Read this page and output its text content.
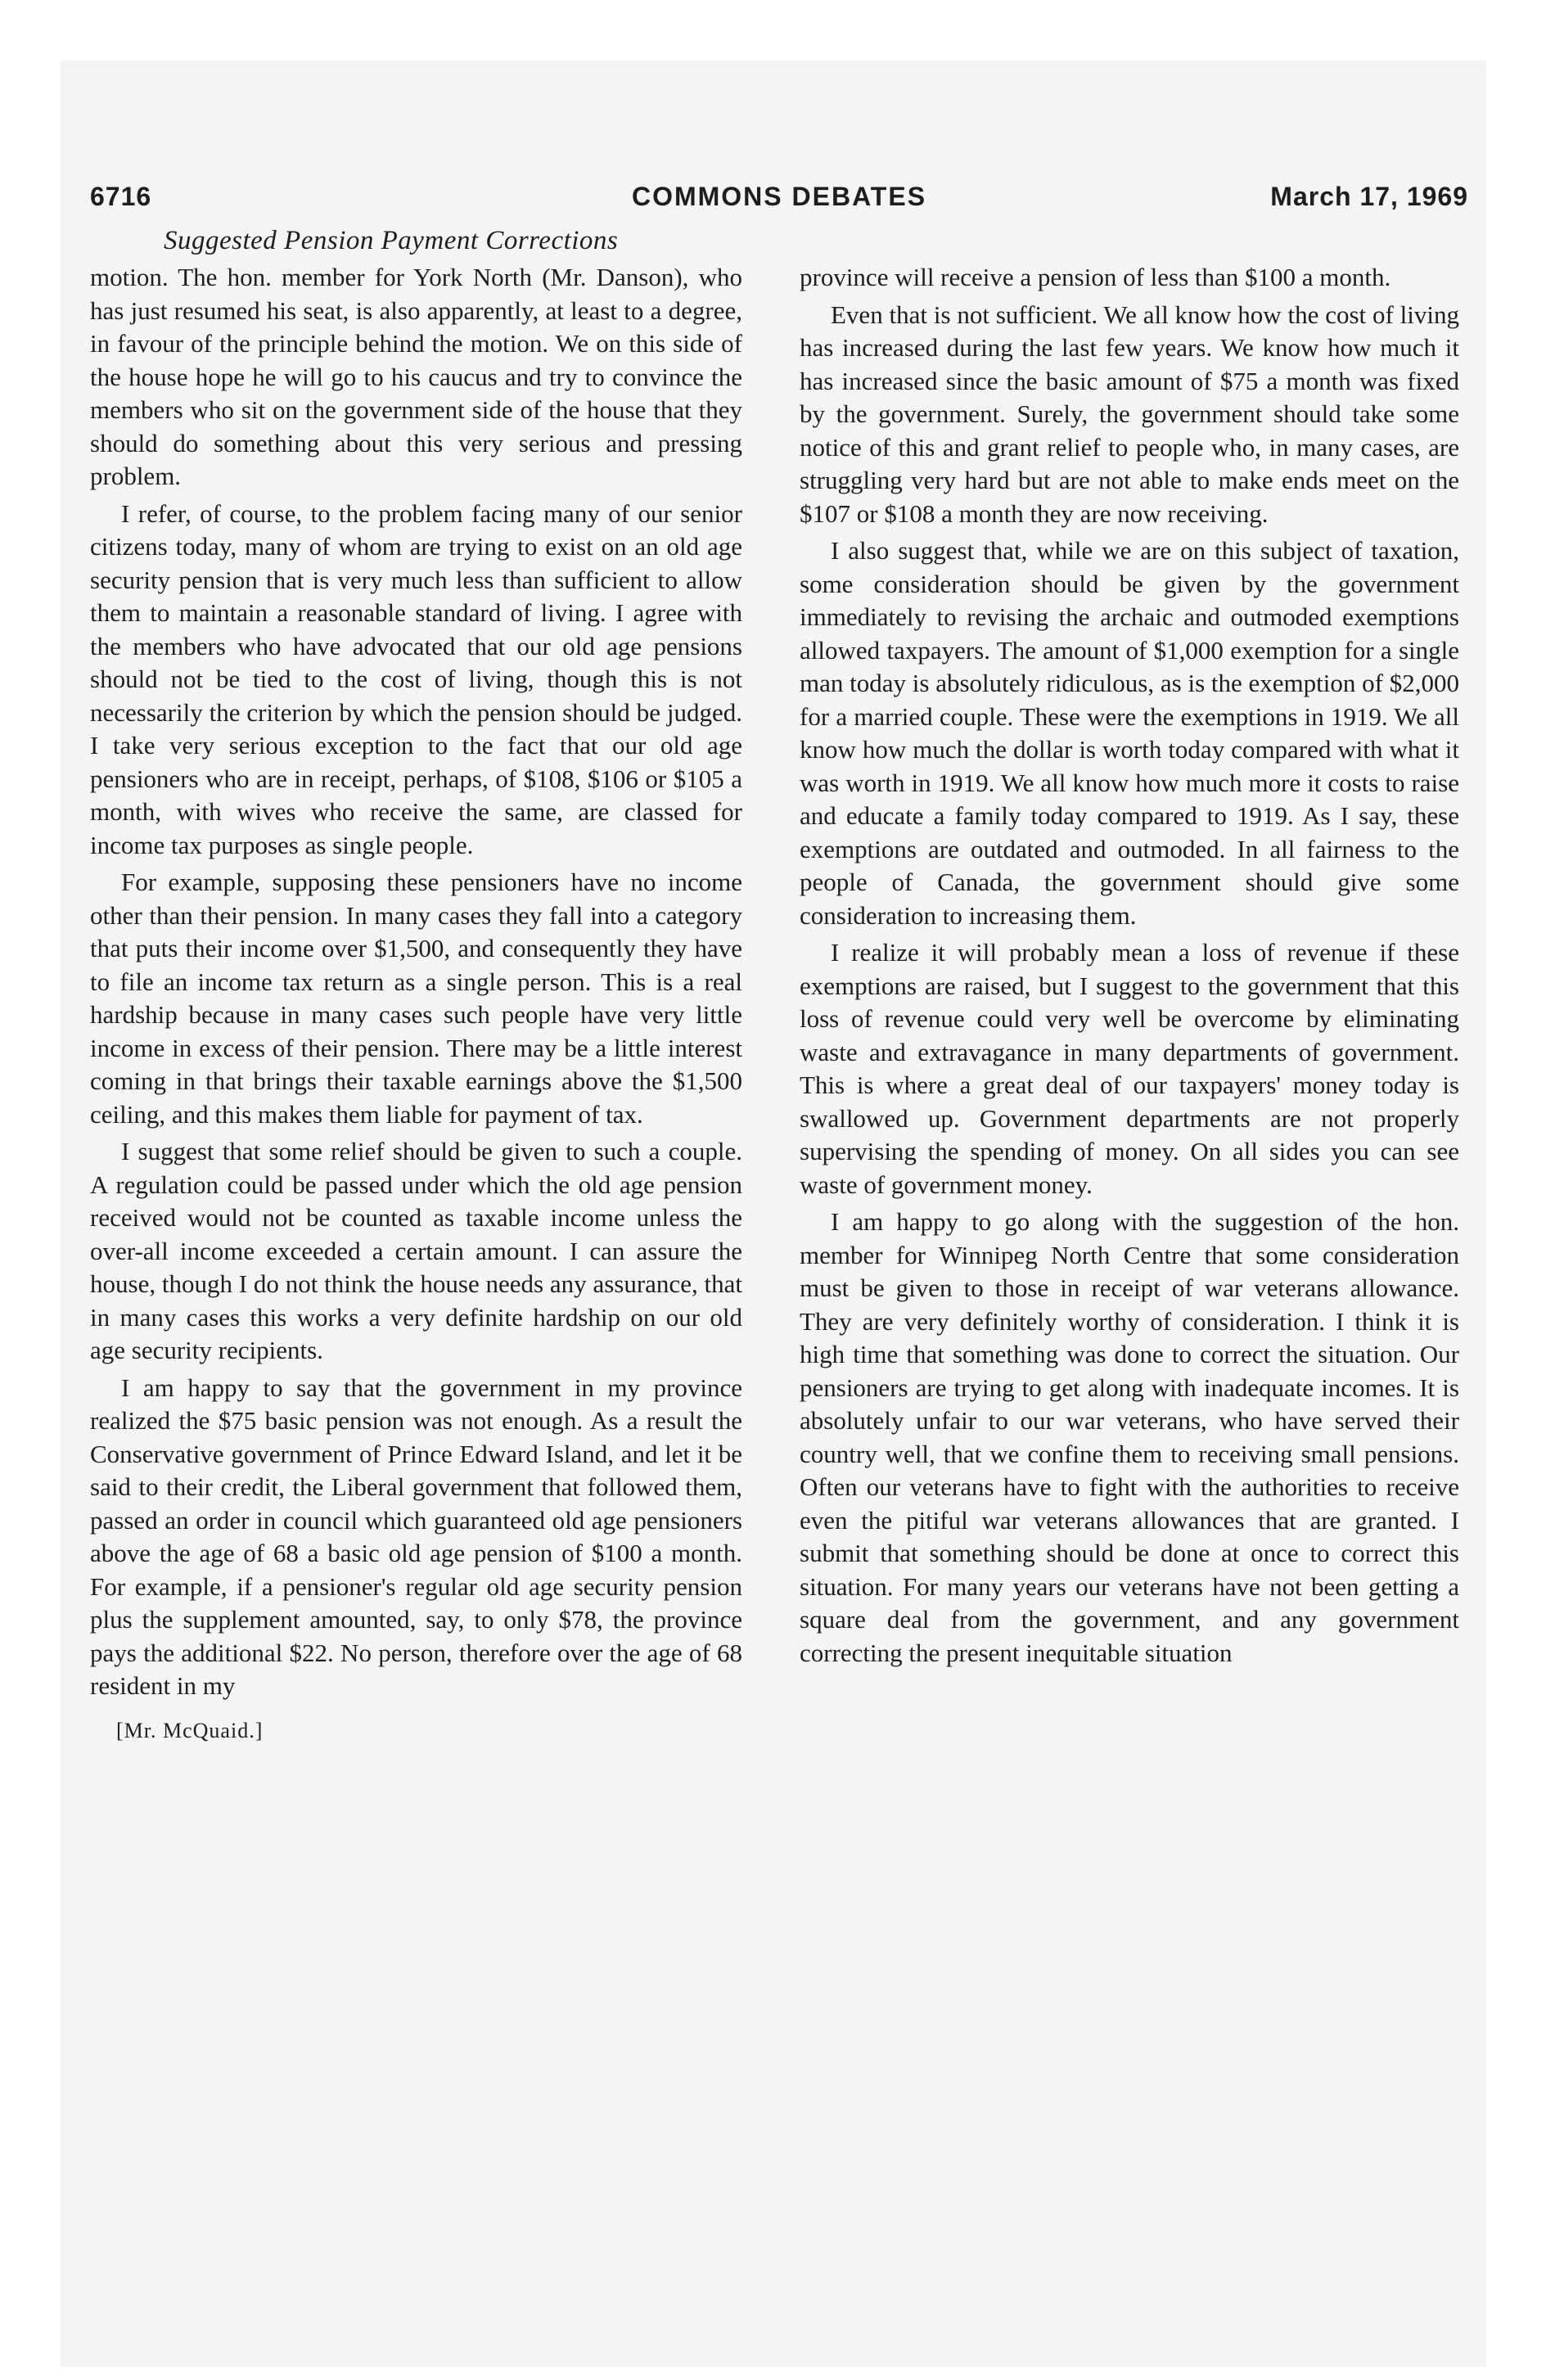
6716	COMMONS DEBATES	March 17, 1969
Suggested Pension Payment Corrections

motion. The hon. member for York North (Mr. Danson), who has just resumed his seat, is also apparently, at least to a degree, in favour of the principle behind the motion. We on this side of the house hope he will go to his caucus and try to convince the members who sit on the government side of the house that they should do something about this very serious and pressing problem.

I refer, of course, to the problem facing many of our senior citizens today, many of whom are trying to exist on an old age security pension that is very much less than sufficient to allow them to maintain a reasonable standard of living. I agree with the members who have advocated that our old age pensions should not be tied to the cost of living, though this is not necessarily the criterion by which the pension should be judged. I take very serious exception to the fact that our old age pensioners who are in receipt, perhaps, of $108, $106 or $105 a month, with wives who receive the same, are classed for income tax purposes as single people.

For example, supposing these pensioners have no income other than their pension. In many cases they fall into a category that puts their income over $1,500, and consequently they have to file an income tax return as a single person. This is a real hardship because in many cases such people have very little income in excess of their pension. There may be a little interest coming in that brings their taxable earnings above the $1,500 ceiling, and this makes them liable for payment of tax.

I suggest that some relief should be given to such a couple. A regulation could be passed under which the old age pension received would not be counted as taxable income unless the over-all income exceeded a certain amount. I can assure the house, though I do not think the house needs any assurance, that in many cases this works a very definite hardship on our old age security recipients.

I am happy to say that the government in my province realized the $75 basic pension was not enough. As a result the Conservative government of Prince Edward Island, and let it be said to their credit, the Liberal government that followed them, passed an order in council which guaranteed old age pensioners above the age of 68 a basic old age pension of $100 a month. For example, if a pensioner's regular old age security pension plus the supplement amounted, say, to only $78, the province pays the additional $22. No person, therefore over the age of 68 resident in my

[Mr. McQuaid.]

province will receive a pension of less than $100 a month.

Even that is not sufficient. We all know how the cost of living has increased during the last few years. We know how much it has increased since the basic amount of $75 a month was fixed by the government. Surely, the government should take some notice of this and grant relief to people who, in many cases, are struggling very hard but are not able to make ends meet on the $107 or $108 a month they are now receiving.

I also suggest that, while we are on this subject of taxation, some consideration should be given by the government immediately to revising the archaic and outmoded exemptions allowed taxpayers. The amount of $1,000 exemption for a single man today is absolutely ridiculous, as is the exemption of $2,000 for a married couple. These were the exemptions in 1919. We all know how much the dollar is worth today compared with what it was worth in 1919. We all know how much more it costs to raise and educate a family today compared to 1919. As I say, these exemptions are outdated and outmoded. In all fairness to the people of Canada, the government should give some consideration to increasing them.

I realize it will probably mean a loss of revenue if these exemptions are raised, but I suggest to the government that this loss of revenue could very well be overcome by eliminating waste and extravagance in many departments of government. This is where a great deal of our taxpayers' money today is swallowed up. Government departments are not properly supervising the spending of money. On all sides you can see waste of government money.

I am happy to go along with the suggestion of the hon. member for Winnipeg North Centre that some consideration must be given to those in receipt of war veterans allowance. They are very definitely worthy of consideration. I think it is high time that something was done to correct the situation. Our pensioners are trying to get along with inadequate incomes. It is absolutely unfair to our war veterans, who have served their country well, that we confine them to receiving small pensions. Often our veterans have to fight with the authorities to receive even the pitiful war veterans allowances that are granted. I submit that something should be done at once to correct this situation. For many years our veterans have not been getting a square deal from the government, and any government correcting the present inequitable situation
